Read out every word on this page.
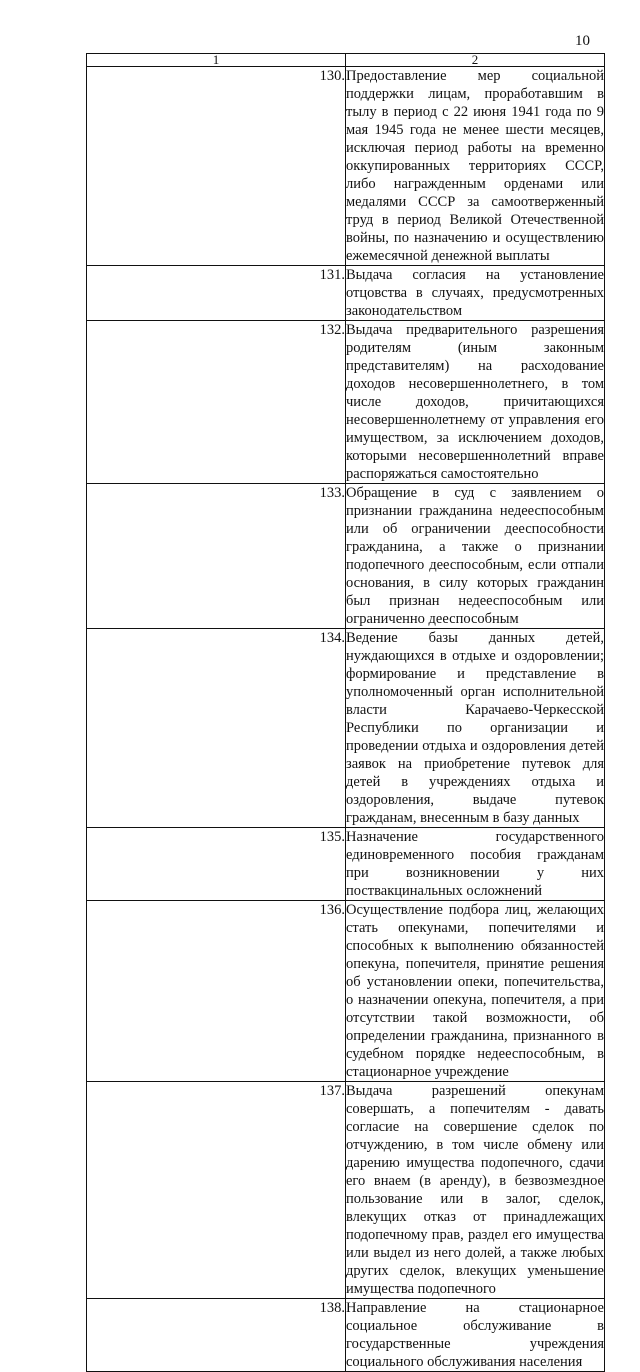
10
1	2
130.	Предоставление мер социальной поддержки лицам, проработавшим в тылу в период с 22 июня 1941 года по 9 мая 1945 года не менее шести месяцев, исключая период работы на временно оккупированных территориях СССР, либо награжденным орденами или медалями СССР за самоотверженный труд в период Великой Отечественной войны, по назначению и осуществлению ежемесячной денежной выплаты
131.	Выдача согласия на установление отцовства в случаях, предусмотренных законодательством
132.	Выдача предварительного разрешения родителям (иным законным представителям) на расходование доходов несовершеннолетнего, в том числе доходов, причитающихся несовершеннолетнему от управления его имуществом, за исключением доходов, которыми несовершеннолетний вправе распоряжаться самостоятельно
133.	Обращение в суд с заявлением о признании гражданина недееспособным или об ограничении дееспособности гражданина, а также о признании подопечного дееспособным, если отпали основания, в силу которых гражданин был признан недееспособным или ограниченно дееспособным
134.	Ведение базы данных детей, нуждающихся в отдыхе и оздоровлении; формирование и представление в уполномоченный орган исполнительной власти Карачаево-Черкесской Республики по организации и проведении отдыха и оздоровления детей заявок на приобретение путевок для детей в учреждениях отдыха и оздоровления, выдаче путевок гражданам, внесенным в базу данных
135.	Назначение государственного единовременного пособия гражданам при возникновении у них поствакцинальных осложнений
136.	Осуществление подбора лиц, желающих стать опекунами, попечителями и способных к выполнению обязанностей опекуна, попечителя, принятие решения об установлении опеки, попечительства, о назначении опекуна, попечителя, а при отсутствии такой возможности, об определении гражданина, признанного в судебном порядке недееспособным, в стационарное учреждение
137.	Выдача разрешений опекунам совершать, а попечителям - давать согласие на совершение сделок по отчуждению, в том числе обмену или дарению имущества подопечного, сдачи его внаем (в аренду), в безвозмездное пользование или в залог, сделок, влекущих отказ от принадлежащих подопечному прав, раздел его имущества или выдел из него долей, а также любых других сделок, влекущих уменьшение имущества подопечного
138.	Направление на стационарное социальное обслуживание в государственные учреждения социального обслуживания населения
